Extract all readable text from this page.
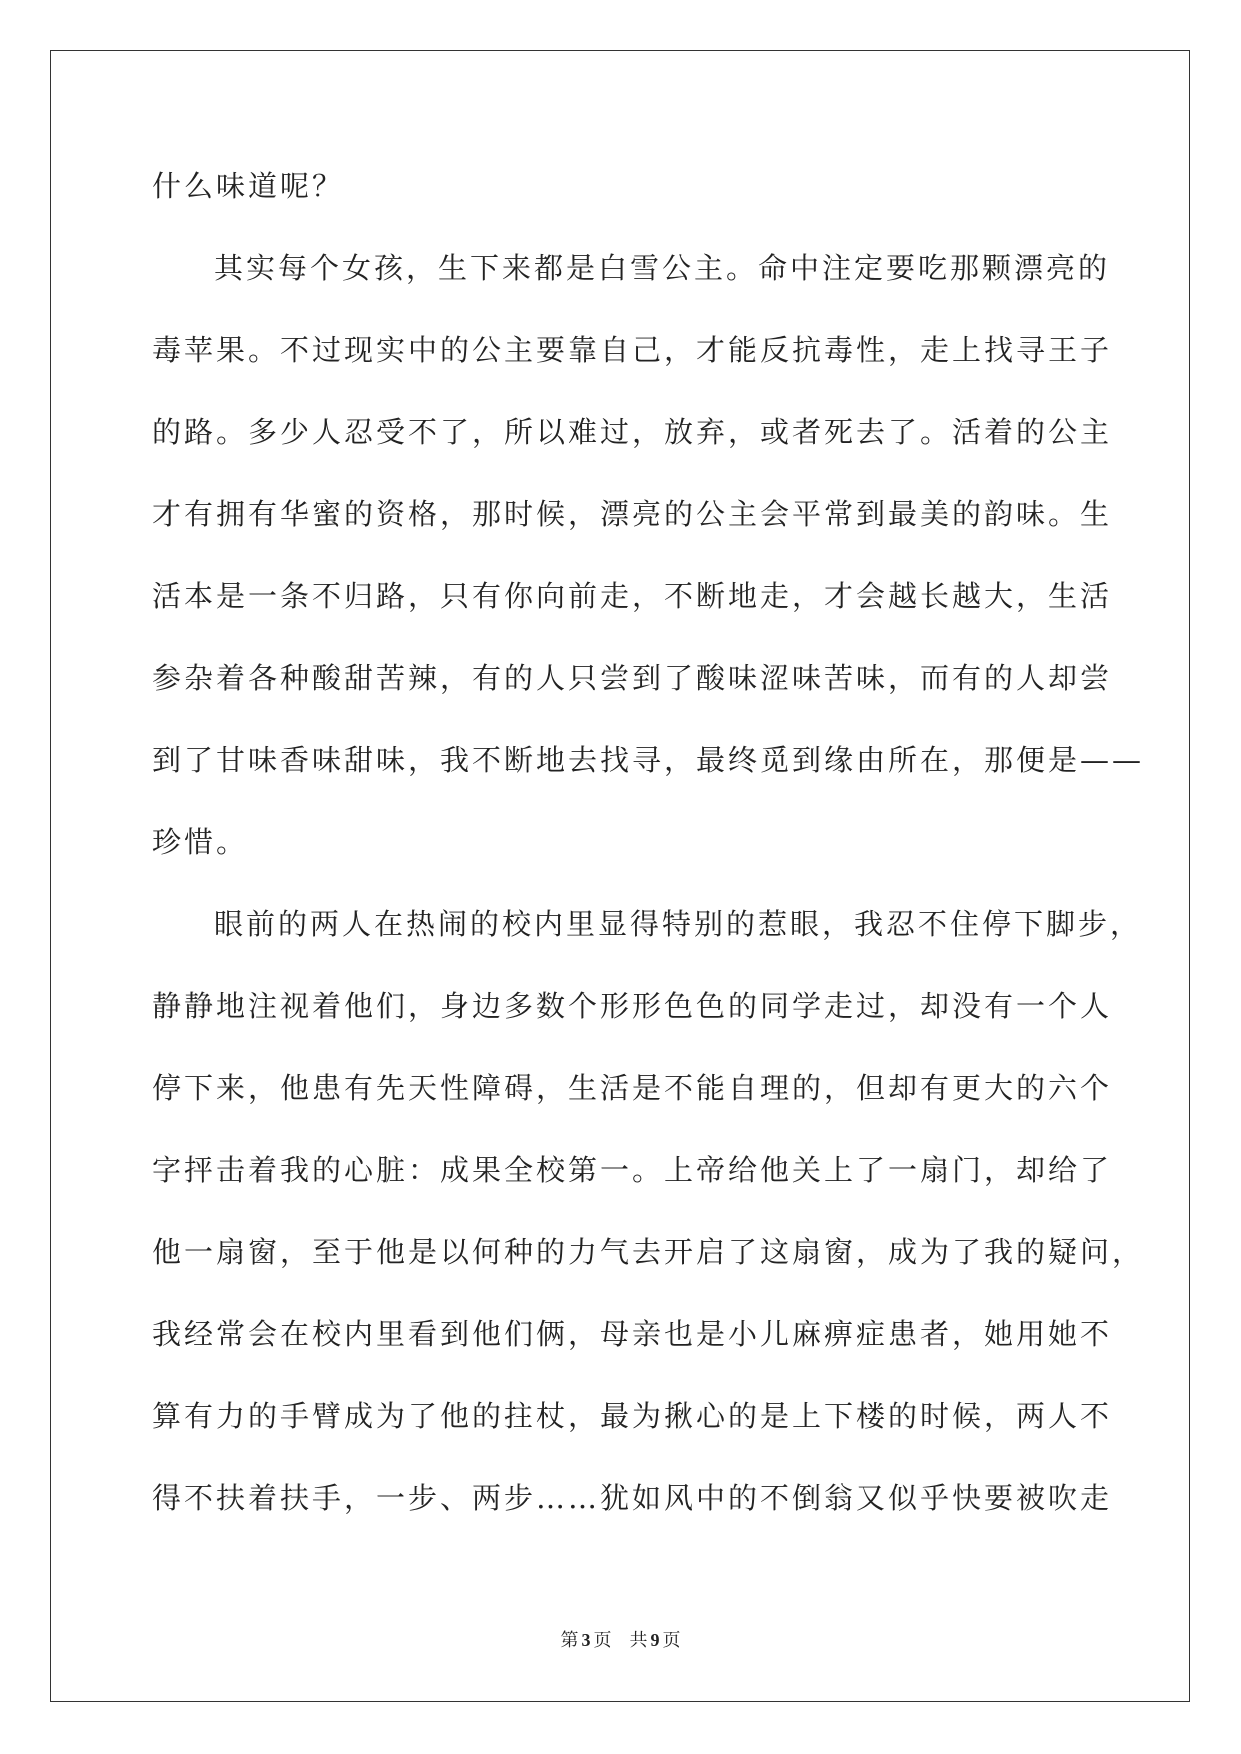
什么味道呢？
其实每个女孩，生下来都是白雪公主。命中注定要吃那颗漂亮的
毒苹果。不过现实中的公主要靠自己，才能反抗毒性，走上找寻王子
的路。多少人忍受不了，所以难过，放弃，或者死去了。活着的公主
才有拥有华蜜的资格，那时候，漂亮的公主会平常到最美的韵味。生
活本是一条不归路，只有你向前走，不断地走，才会越长越大，生活
参杂着各种酸甜苦辣，有的人只尝到了酸味涩味苦味，而有的人却尝
到了甘味香味甜味，我不断地去找寻，最终觅到缘由所在，那便是——
珍惜。
眼前的两人在热闹的校内里显得特别的惹眼，我忍不住停下脚步，
静静地注视着他们，身边多数个形形色色的同学走过，却没有一个人
停下来，他患有先天性障碍，生活是不能自理的，但却有更大的六个
字抨击着我的心脏：成果全校第一。上帝给他关上了一扇门，却给了
他一扇窗，至于他是以何种的力气去开启了这扇窗，成为了我的疑问，
我经常会在校内里看到他们俩，母亲也是小儿麻痹症患者，她用她不
算有力的手臂成为了他的拄杖，最为揪心的是上下楼的时候，两人不
得不扶着扶手，一步、两步……犹如风中的不倒翁又似乎快要被吹走
第 3 页 共 9 页
